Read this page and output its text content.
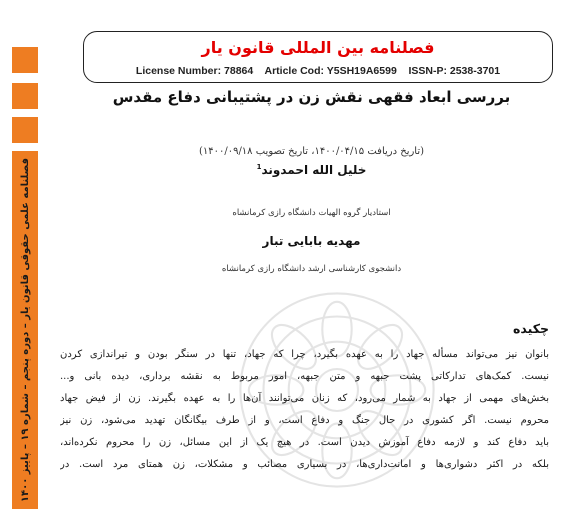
فصلنامه علمی حقوقی قانون یار – دوره پنجم – شماره ۱۹ – پاییز ۱۴۰۰
فصلنامه بین المللی قانون یار
License Number: 78864 Article Cod: Y5SH19A6599 ISSN-P: 2538-3701
بررسی ابعاد فقهی نقش زن در پشتیبانی دفاع مقدس
(تاریخ دریافت ۱۴۰۰/۰۴/۱۵، تاریخ تصویب ۱۴۰۰/۰۹/۱۸)
خلیل الله احمدوند$^1$
استادیار گروه الهیات دانشگاه رازی کرمانشاه
مهدیه بابایی تبار
دانشجوی کارشناسی ارشد دانشگاه رازی کرمانشاه
چکیده
بانوان نیز می‌تواند مسأله جهاد را به عهده بگیرد، چرا که جهاد، تنها در سنگر بودن و تیراندازی کردن
نیست. کمک‌های تدارکاتی پشت جبهه و متن جبهه، امور مربوط به نقشه برداری، دیده بانی و...
بخش‌های مهمی از جهاد به شمار می‌رود، که زنان می‌توانند آن‌ها را به عهده بگیرند. زن از فیض جهاد
محروم نیست. اگر کشوری در حال جنگ و دفاع است، و از طرف بیگانگان تهدید می‌شود، زن نیز
باید دفاع کند و لازمه دفاع آموزش دیدن است. در هیچ یک از این مسائل، زن را محروم نکرده‌اند،
بلکه در اکثر دشواری‌ها و امانت‌داری‌ها، در بسیاری مصائب و مشکلات، زن همتای مرد است. در
